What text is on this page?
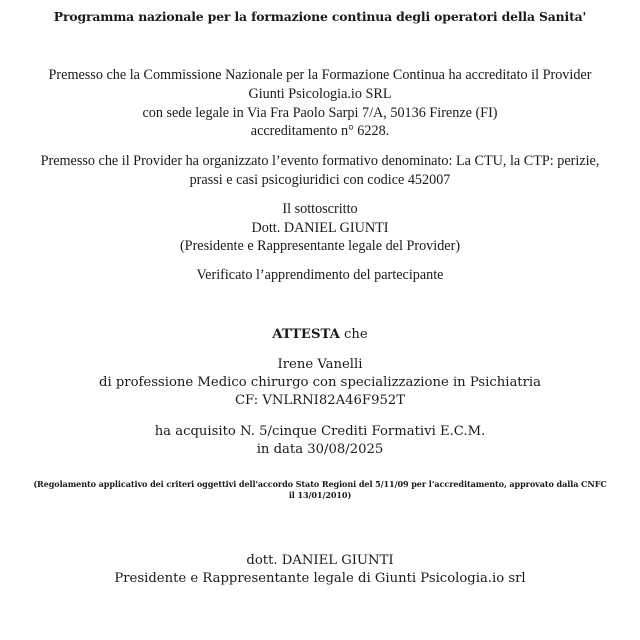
Programma nazionale per la formazione continua degli operatori della Sanita'
Premesso che la Commissione Nazionale per la Formazione Continua ha accreditato il Provider
Giunti Psicologia.io SRL
con sede legale in Via Fra Paolo Sarpi 7/A, 50136 Firenze (FI)
accreditamento n° 6228.
Premesso che il Provider ha organizzato l’evento formativo denominato: La CTU, la CTP: perizie,
prassi e casi psicogiuridici con codice 452007
Il sottoscritto
Dott. DANIEL GIUNTI
(Presidente e Rappresentante legale del Provider)
Verificato l’apprendimento del partecipante
ATTESTA che
Irene Vanelli
di professione Medico chirurgo con specializzazione in Psichiatria
CF: VNLRNI82A46F952T
ha acquisito N. 5/cinque Crediti Formativi E.C.M.
in data 30/08/2025
(Regolamento applicativo dei criteri oggettivi dell'accordo Stato Regioni del 5/11/09 per l’accreditamento, approvato dalla CNFC
il 13/01/2010)
dott. DANIEL GIUNTI
Presidente e Rappresentante legale di Giunti Psicologia.io srl
